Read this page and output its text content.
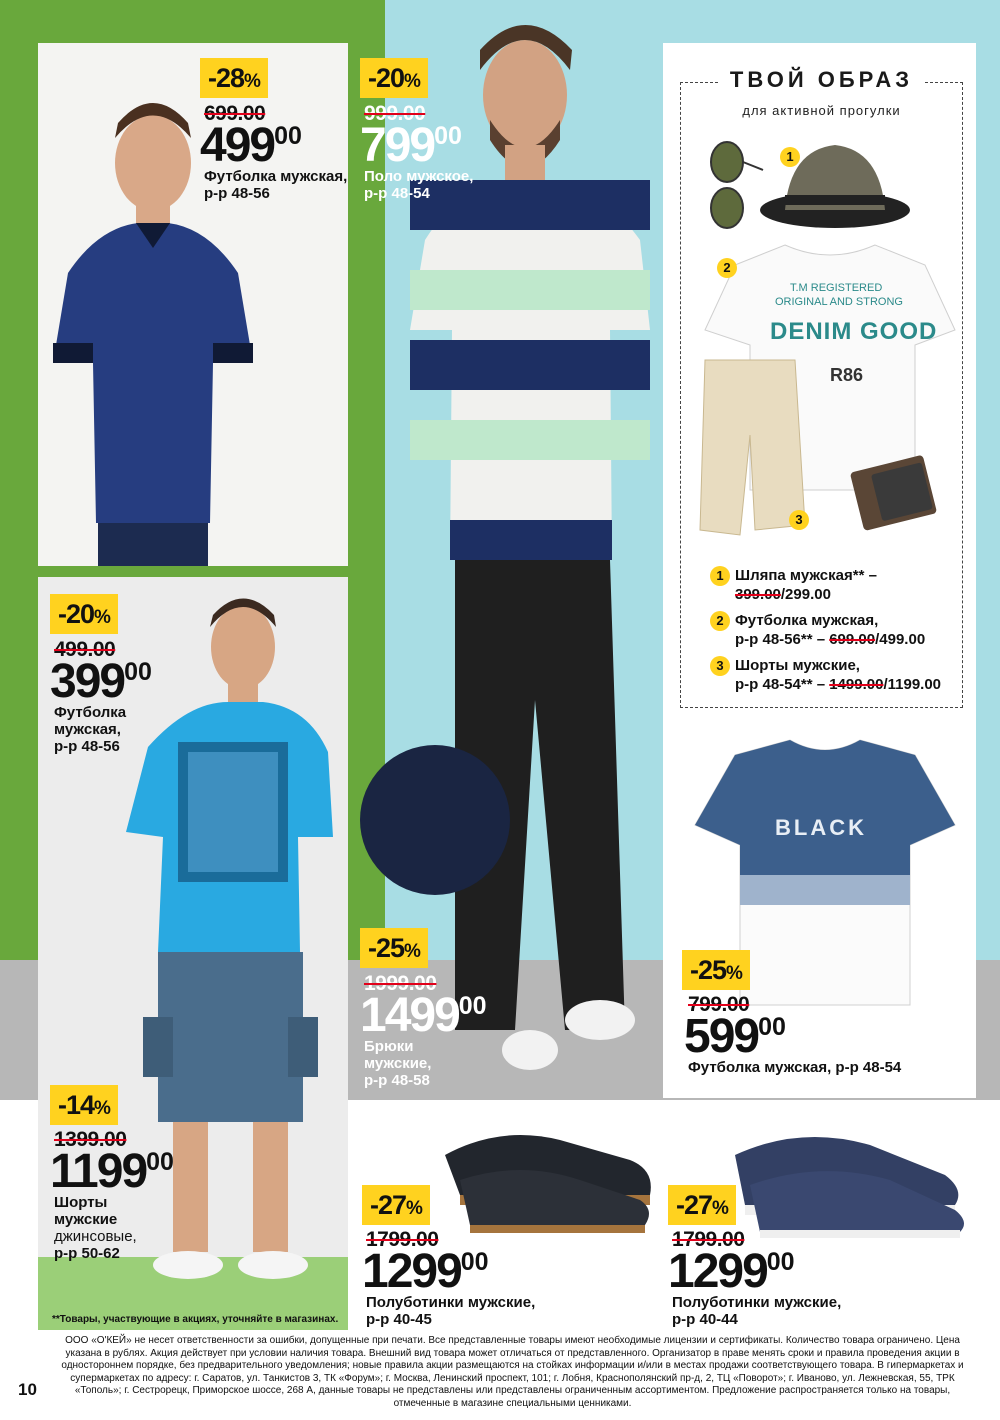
ТВОЙ ОБРАЗ
для активной прогулки
1
T.M REGISTERED
ORIGINAL AND STRONG
DENIM GOOD
R86
2
3
1 Шляпа мужская** –
399.00/299.00
2 Футболка мужская,
р-р 48-56** – 699.00/499.00
3 Шорты мужские,
р-р 48-54** – 1499.00/1199.00
BLACK
-28%
699.00
49900
Футболка мужская,
р-р 48-56
-20%
999.00
79900
Поло мужское,
р-р 48-54
-20%
499.00
39900
Футболка
мужская,
р-р 48-56
-25%
1999.00
149900
Брюки
мужские,
р-р 48-58
-25%
799.00
59900
Футболка мужская, р-р 48-54
-14%
1399.00
119900
Шорты
мужские
джинсовые,
р-р 50-62
-27%
1799.00
129900
Полуботинки мужские,
р-р 40-45
-27%
1799.00
129900
Полуботинки мужские,
р-р 40-44
**Товары, участвующие в акциях, уточняйте в магазинах.
ООО «О'КЕЙ» не несет ответственности за ошибки, допущенные при печати. Все представленные товары имеют необходимые лицензии и сертификаты. Количество товара ограничено. Цена указана в рублях. Акция действует при условии наличия товара. Внешний вид товара может отличаться от представленного. Организатор в праве менять сроки и правила проведения акции в одностороннем порядке, без предварительного уведомления; новые правила акции размещаются на стойках информации и/или в местах продажи соответствующего товара. В гипермаркетах и супермаркетах по адресу: г. Саратов, ул. Танкистов 3, ТК «Форум»; г. Москва, Ленинский проспект, 101; г. Лобня, Краснополянский пр-д, 2, ТЦ «Поворот»; г. Иваново, ул. Лежневская, 55, ТРК «Тополь»; г. Сестрорецк, Приморское шоссе, 268 А, данные товары не представлены или представлены ограниченным ассортиментом. Предложение распространяется только на товары, отмеченные в магазине специальными ценниками.
10
